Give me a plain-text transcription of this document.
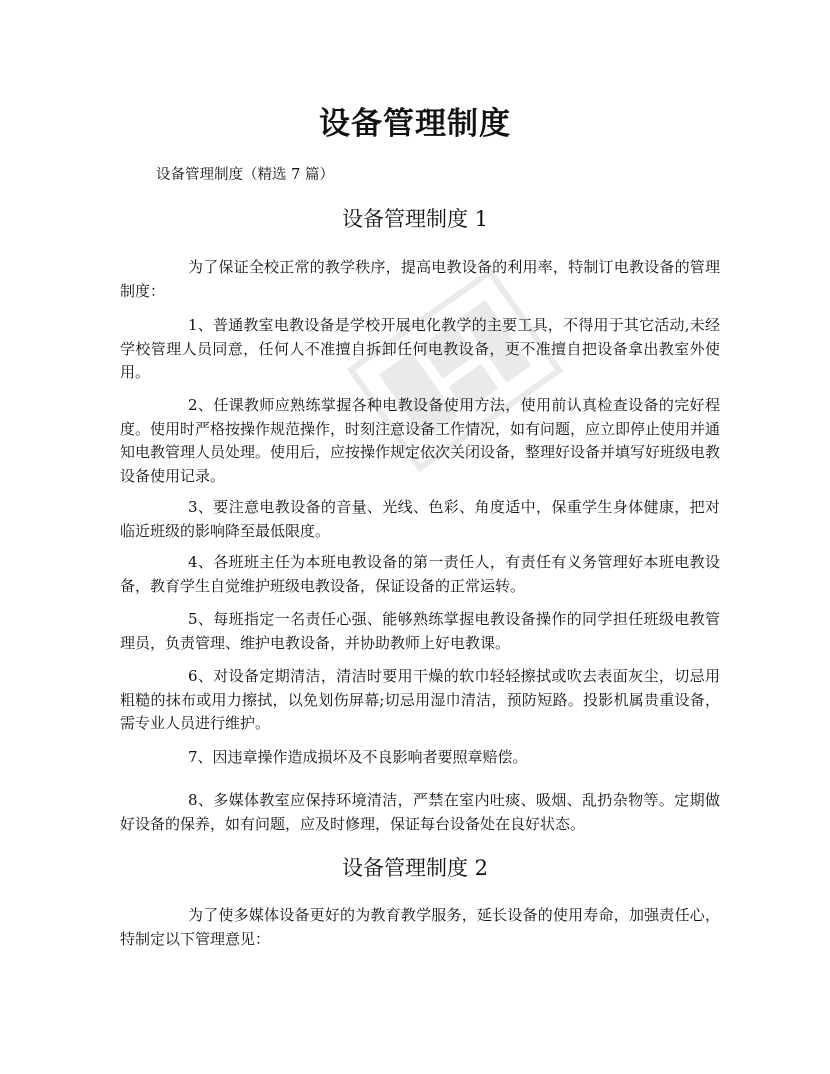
设备管理制度

设备管理制度（精选 7 篇）

设备管理制度 1

为了保证全校正常的教学秩序，提高电教设备的利用率，特制订电教设备的管理制度：

1、普通教室电教设备是学校开展电化教学的主要工具，不得用于其它活动,未经学校管理人员同意，任何人不准擅自拆卸任何电教设备，更不准擅自把设备拿出教室外使用。

2、任课教师应熟练掌握各种电教设备使用方法，使用前认真检查设备的完好程度。使用时严格按操作规范操作，时刻注意设备工作情况，如有问题，应立即停止使用并通知电教管理人员处理。使用后，应按操作规定依次关闭设备，整理好设备并填写好班级电教设备使用记录。

3、要注意电教设备的音量、光线、色彩、角度适中，保重学生身体健康，把对临近班级的影响降至最低限度。

4、各班班主任为本班电教设备的第一责任人，有责任有义务管理好本班电教设备，教育学生自觉维护班级电教设备，保证设备的正常运转。

5、每班指定一名责任心强、能够熟练掌握电教设备操作的同学担任班级电教管理员，负责管理、维护电教设备，并协助教师上好电教课。

6、对设备定期清洁，清洁时要用干燥的软巾轻轻擦拭或吹去表面灰尘，切忌用粗糙的抹布或用力擦拭，以免划伤屏幕;切忌用湿巾清洁，预防短路。投影机属贵重设备，需专业人员进行维护。

7、因违章操作造成损坏及不良影响者要照章赔偿。

8、多媒体教室应保持环境清洁，严禁在室内吐痰、吸烟、乱扔杂物等。定期做好设备的保养，如有问题，应及时修理，保证每台设备处在良好状态。

设备管理制度 2

为了使多媒体设备更好的为教育教学服务，延长设备的使用寿命，加强责任心，特制定以下管理意见：
